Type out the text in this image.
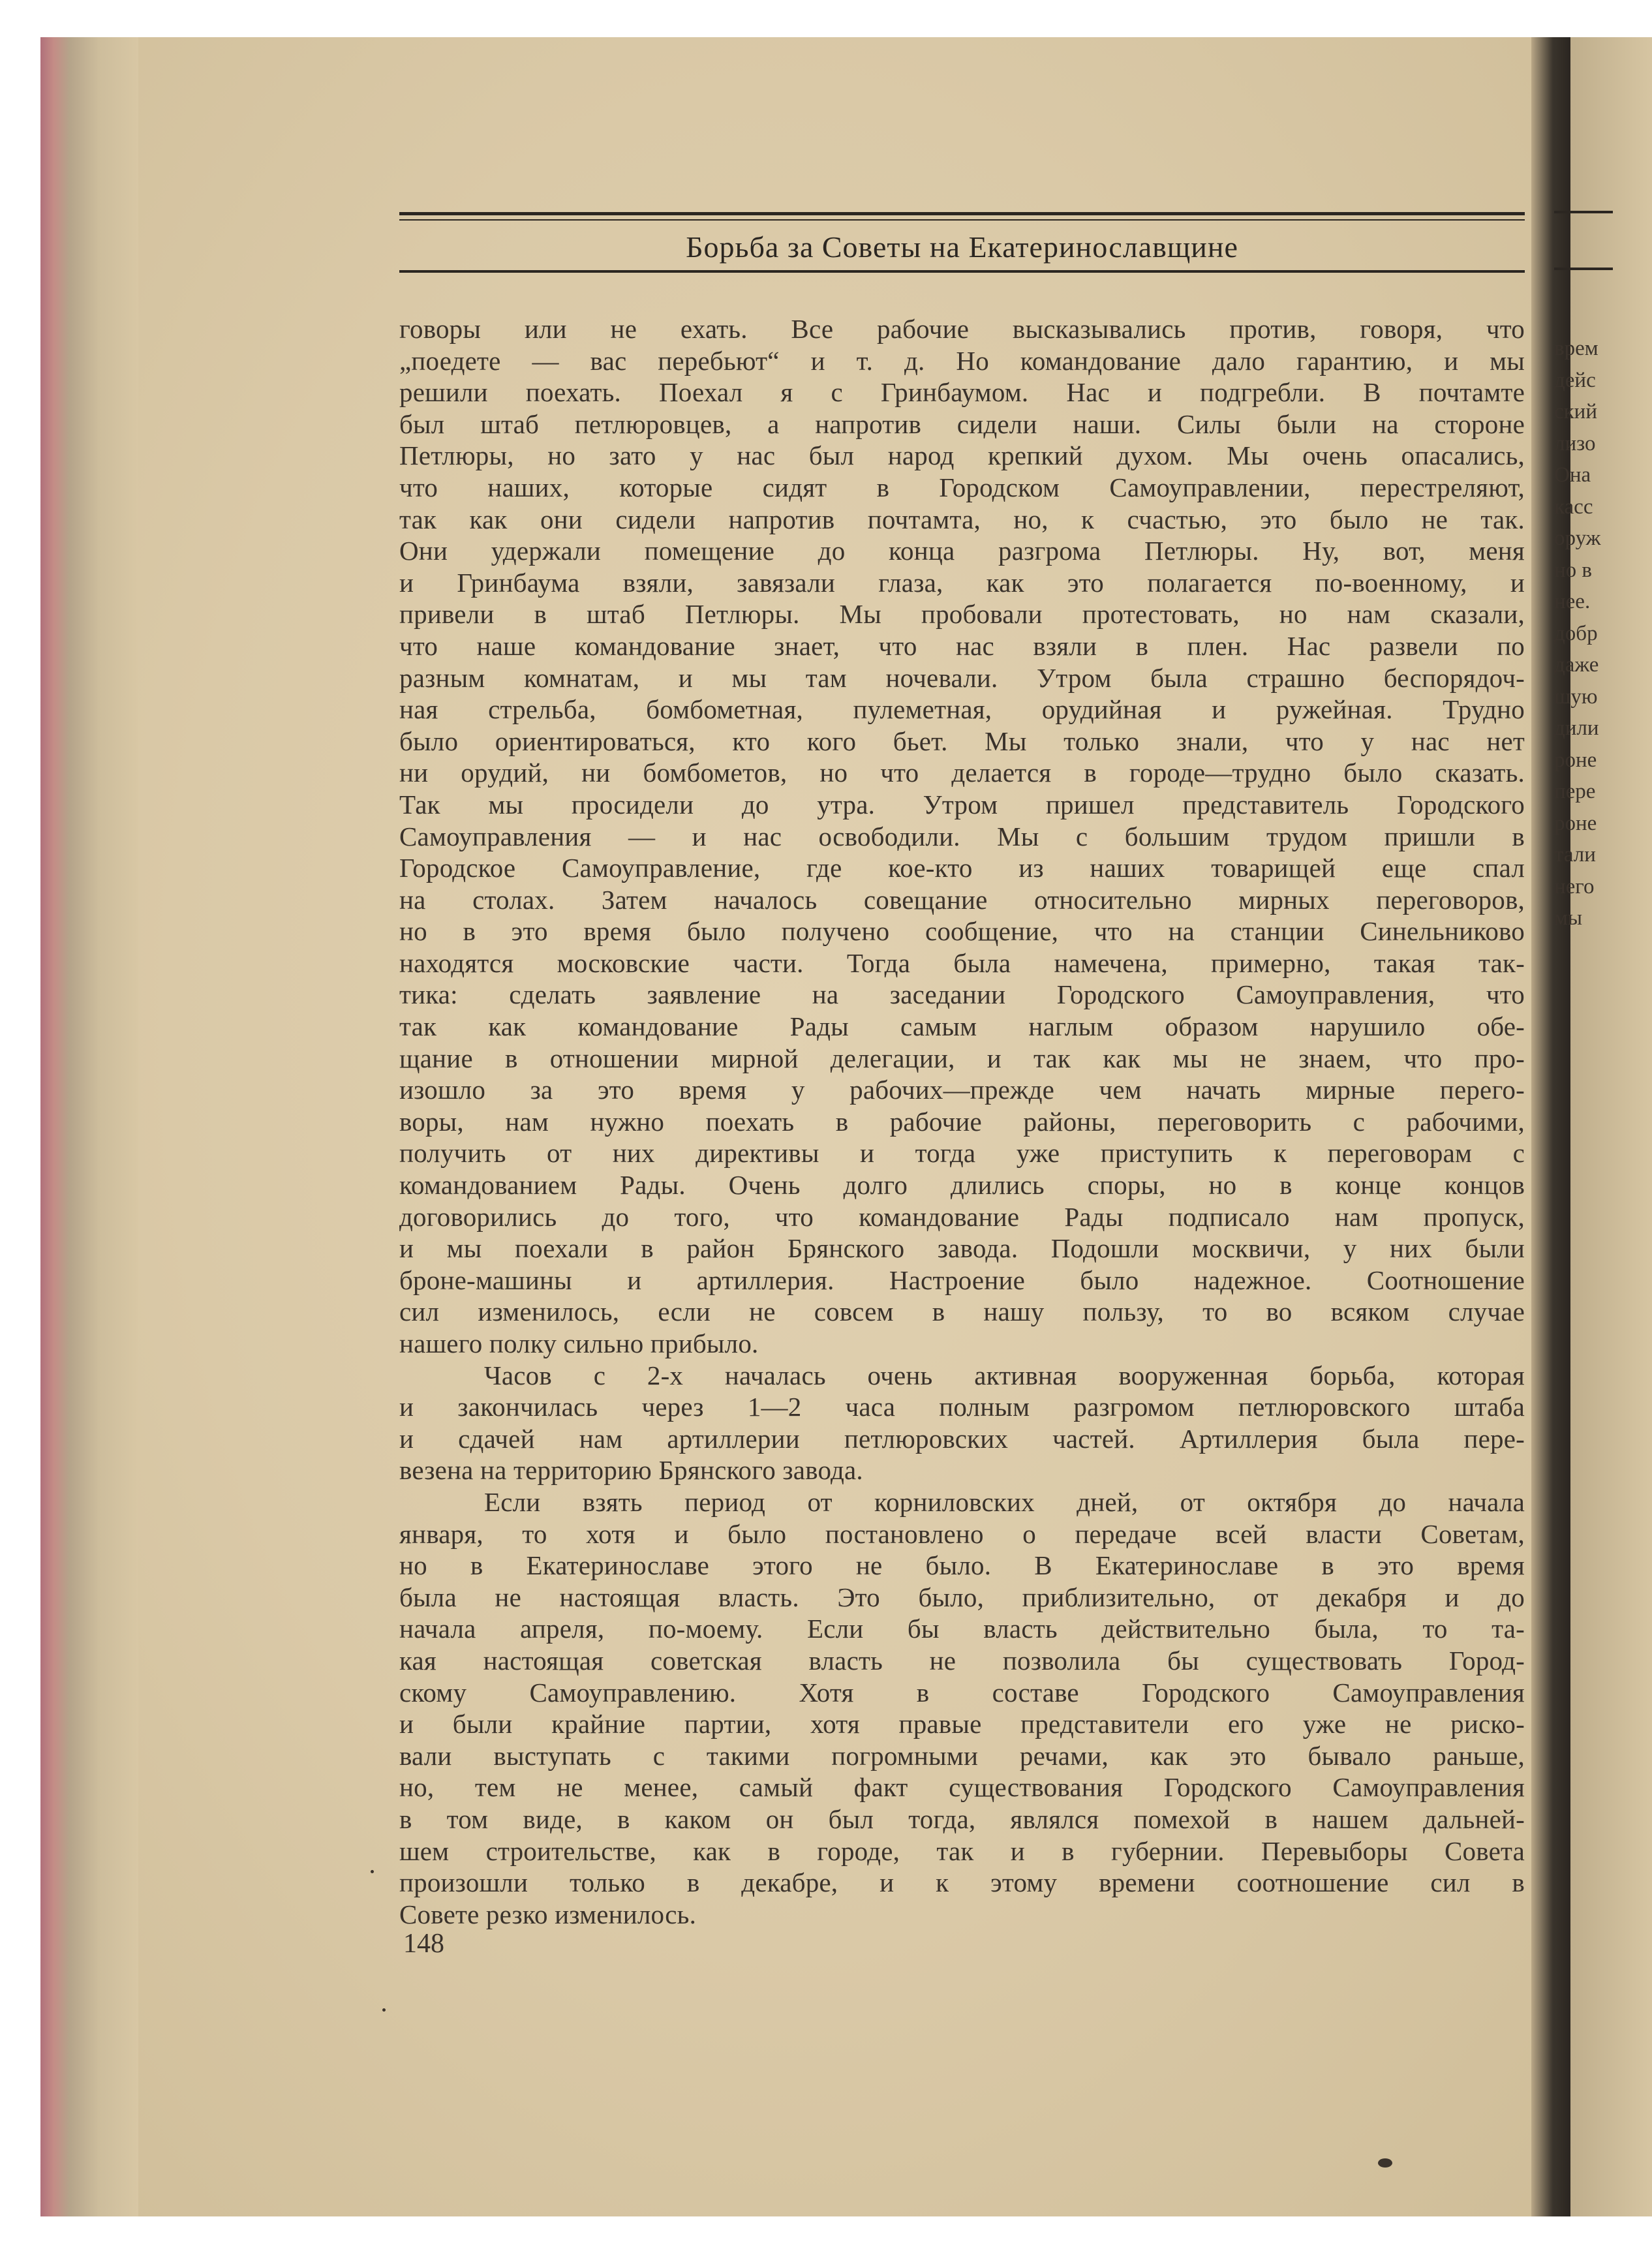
Борьба за Советы на Екатеринославщине
говоры или не ехать. Все рабочие высказывались против, говоря, что
„поедете — вас перебьют“ и т. д. Но командование дало гарантию, и мы
решили поехать. Поехал я с Гринбаумом. Нас и подгребли. В почтамте
был штаб петлюровцев, а напротив сидели наши. Силы были на стороне
Петлюры, но зато у нас был народ крепкий духом. Мы очень опасались,
что наших, которые сидят в Городском Самоуправлении, перестреляют,
так как они сидели напротив почтамта, но, к счастью, это было не так.
Они удержали помещение до конца разгрома Петлюры. Ну, вот, меня
и Гринбаума взяли, завязали глаза, как это полагается по-военному, и
привели в штаб Петлюры. Мы пробовали протестовать, но нам сказали,
что наше командование знает, что нас взяли в плен. Нас развели по
разным комнатам, и мы там ночевали. Утром была страшно беспорядоч-
ная стрельба, бомбометная, пулеметная, орудийная и ружейная. Трудно
было ориентироваться, кто кого бьет. Мы только знали, что у нас нет
ни орудий, ни бомбометов, но что делается в городе—трудно было сказать.
Так мы просидели до утра. Утром пришел представитель Городского
Самоуправления — и нас освободили. Мы с большим трудом пришли в
Городское Самоуправление, где кое-кто из наших товарищей еще спал
на столах. Затем началось совещание относительно мирных переговоров,
но в это время было получено сообщение, что на станции Синельниково
находятся московские части. Тогда была намечена, примерно, такая так-
тика: сделать заявление на заседании Городского Самоуправления, что
так как командование Рады самым наглым образом нарушило обе-
щание в отношении мирной делегации, и так как мы не знаем, что про-
изошло за это время у рабочих—прежде чем начать мирные перего-
воры, нам нужно поехать в рабочие районы, переговорить с рабочими,
получить от них директивы и тогда уже приступить к переговорам с
командованием Рады. Очень долго длились споры, но в конце концов
договорились до того, что командование Рады подписало нам пропуск,
и мы поехали в район Брянского завода. Подошли москвичи, у них были
броне-машины и артиллерия. Настроение было надежное. Соотношение
сил изменилось, если не совсем в нашу пользу, то во всяком случае
нашего полку сильно прибыло.
Часов с 2-х началась очень активная вооруженная борьба, которая
и закончилась через 1—2 часа полным разгромом петлюровского штаба
и сдачей нам артиллерии петлюровских частей. Артиллерия была пере-
везена на территорию Брянского завода.
Если взять период от корниловских дней, от октября до начала
января, то хотя и было постановлено о передаче всей власти Советам,
но в Екатеринославе этого не было. В Екатеринославе в это время
была не настоящая власть. Это было, приблизительно, от декабря и до
начала апреля, по-моему. Если бы власть действительно была, то та-
кая настоящая советская власть не позволила бы существовать Город-
скому Самоуправлению. Хотя в составе Городского Самоуправления
и были крайние партии, хотя правые представители его уже не риско-
вали выступать с такими погромными речами, как это бывало раньше,
но, тем не менее, самый факт существования Городского Самоуправления
в том виде, в каком он был тогда, являлся помехой в нашем дальней-
шем строительстве, как в городе, так и в губернии. Перевыборы Совета
произошли только в декабре, и к этому времени соотношение сил в
Совете резко изменилось.
148
врем
дейс
ский
лизо
Она
касс
оруж
но в
нее.
добр
даже
шую
дили
роне
пере
роне
тали
него
мы
